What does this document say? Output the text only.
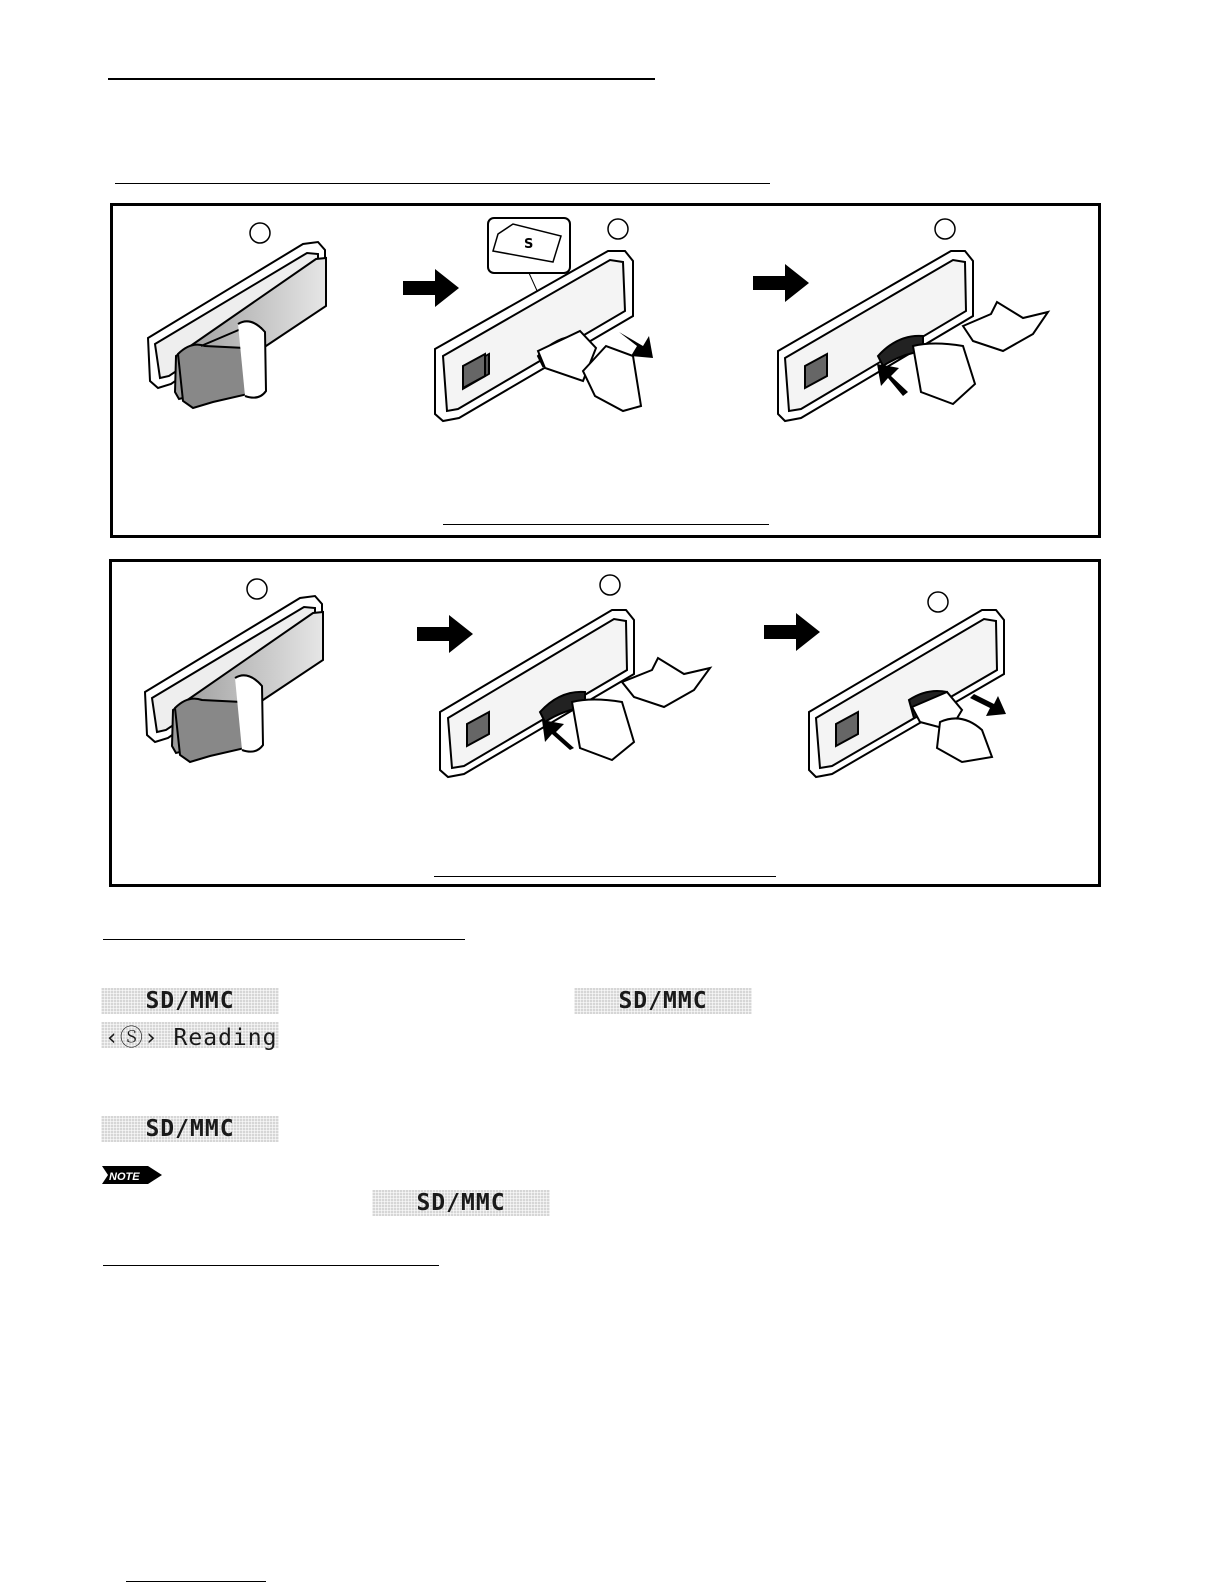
S
SD/MMC	SD/MMC
‹Ⓢ› Reading
SD/MMC
NOTE
SD/MMC
